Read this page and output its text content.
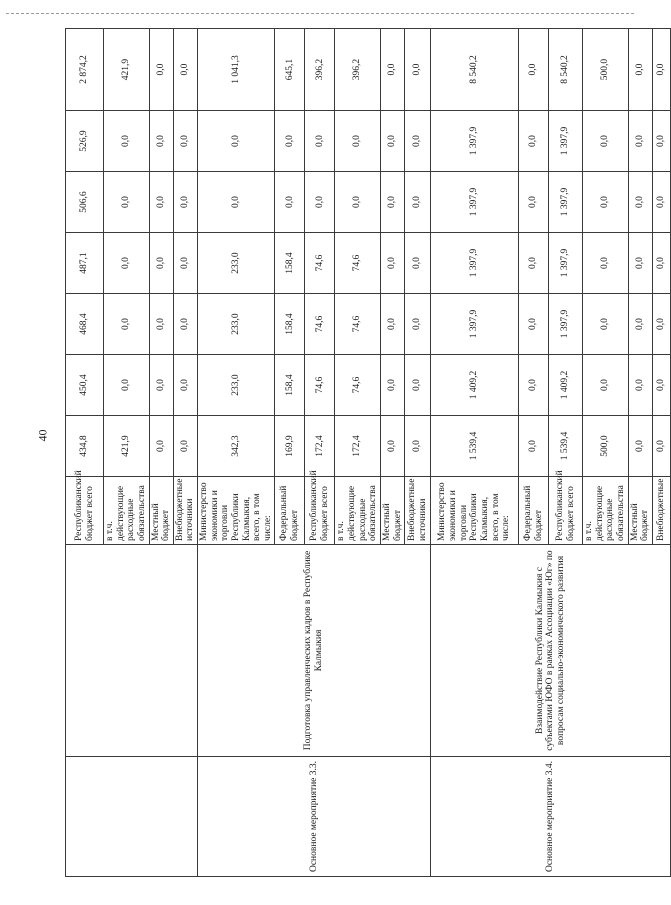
40
		Республиканский бюджет всего	434,8	450,4	468,4	487,1	506,6	526,9	2 874,2
		в т.ч. действующие расходные обязательства	421,9	0,0	0,0	0,0	0,0	0,0	421,9
		Местный бюджет	0,0	0,0	0,0	0,0	0,0	0,0	0,0
		Внебюджетные источники	0,0	0,0	0,0	0,0	0,0	0,0	0,0
Основное мероприятие 3.3.	Подготовка управленческих кадров в Республике Калмыкия	Министерство экономики и торговли Республики Калмыкия, всего, в том числе:	342,3	233,0	233,0	233,0	0,0	0,0	1 041,3
		Федеральный бюджет	169,9	158,4	158,4	158,4	0,0	0,0	645,1
		Республиканский бюджет всего	172,4	74,6	74,6	74,6	0,0	0,0	396,2
		в т.ч. действующие расходные обязательства	172,4	74,6	74,6	74,6	0,0	0,0	396,2
		Местный бюджет	0,0	0,0	0,0	0,0	0,0	0,0	0,0
		Внебюджетные источники	0,0	0,0	0,0	0,0	0,0	0,0	0,0
Основное мероприятие 3.4.	Взаимодействие Республики Калмыкия с субъектами ЮФО в рамках Ассоциации «Юг» по вопросам социально-экономического развития	Министерство экономики и торговли Республики Калмыкия, всего, в том числе:	1 539,4	1 409,2	1 397,9	1 397,9	1 397,9	1 397,9	8 540,2
		Федеральный бюджет	0,0	0,0	0,0	0,0	0,0	0,0	0,0
		Республиканский бюджет всего	1 539,4	1 409,2	1 397,9	1 397,9	1 397,9	1 397,9	8 540,2
		в т.ч. действующие расходные обязательства	500,0	0,0	0,0	0,0	0,0	0,0	500,0
		Местный бюджет	0,0	0,0	0,0	0,0	0,0	0,0	0,0
		Внебюджетные	0,0	0,0	0,0	0,0	0,0	0,0	0,0
